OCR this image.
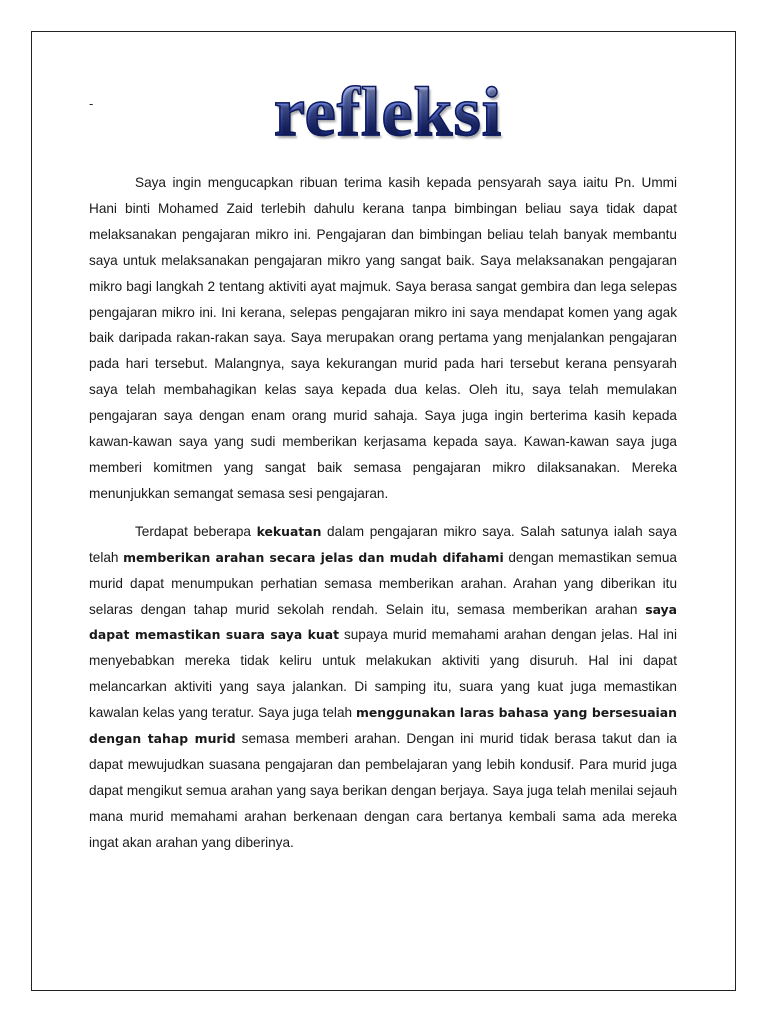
-	refleksi

Saya ingin mengucapkan ribuan terima kasih kepada pensyarah saya iaitu Pn. Ummi Hani binti Mohamed Zaid terlebih dahulu kerana tanpa bimbingan beliau saya tidak dapat melaksanakan pengajaran mikro ini. Pengajaran dan bimbingan beliau telah banyak membantu saya untuk melaksanakan pengajaran mikro yang sangat baik. Saya melaksanakan pengajaran mikro bagi langkah 2 tentang aktiviti ayat majmuk. Saya berasa sangat gembira dan lega selepas pengajaran mikro ini. Ini kerana, selepas pengajaran mikro ini saya mendapat komen yang agak baik daripada rakan-rakan saya. Saya merupakan orang pertama yang menjalankan pengajaran pada hari tersebut. Malangnya, saya kekurangan murid pada hari tersebut kerana pensyarah saya telah membahagikan kelas saya kepada dua kelas. Oleh itu, saya telah memulakan pengajaran saya dengan enam orang murid sahaja. Saya juga ingin berterima kasih kepada kawan-kawan saya yang sudi memberikan kerjasama kepada saya. Kawan-kawan saya juga memberi komitmen yang sangat baik semasa pengajaran mikro dilaksanakan. Mereka menunjukkan semangat semasa sesi pengajaran.

Terdapat beberapa kekuatan dalam pengajaran mikro saya. Salah satunya ialah saya telah memberikan arahan secara jelas dan mudah difahami dengan memastikan semua murid dapat menumpukan perhatian semasa memberikan arahan. Arahan yang diberikan itu selaras dengan tahap murid sekolah rendah. Selain itu, semasa memberikan arahan saya dapat memastikan suara saya kuat supaya murid memahami arahan dengan jelas. Hal ini menyebabkan mereka tidak keliru untuk melakukan aktiviti yang disuruh. Hal ini dapat melancarkan aktiviti yang saya jalankan. Di samping itu, suara yang kuat juga memastikan kawalan kelas yang teratur. Saya juga telah menggunakan laras bahasa yang bersesuaian dengan tahap murid semasa memberi arahan. Dengan ini murid tidak berasa takut dan ia dapat mewujudkan suasana pengajaran dan pembelajaran yang lebih kondusif. Para murid juga dapat mengikut semua arahan yang saya berikan dengan berjaya. Saya juga telah menilai sejauh mana murid memahami arahan berkenaan dengan cara bertanya kembali sama ada mereka ingat akan arahan yang diberinya.
